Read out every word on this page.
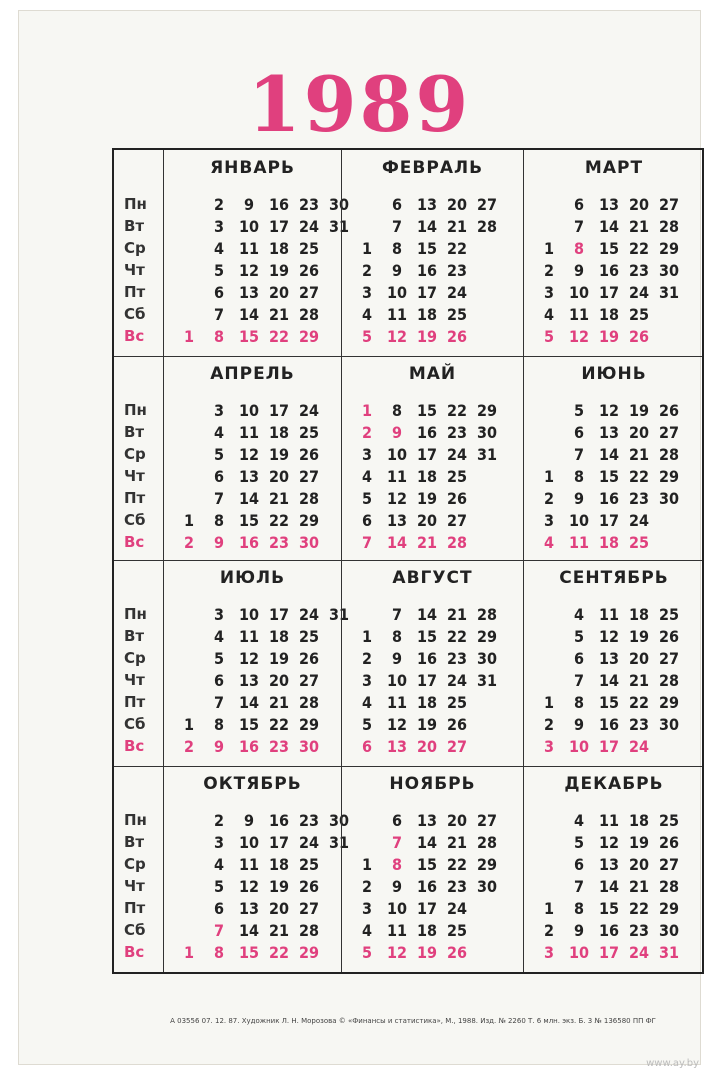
1989
Пн
Вт
Ср
Чт
Пт
Сб
Вс
ЯНВАРЬ
1
2
3
4
5
6
7
8
9
10
11
12
13
14
15
16
17
18
19
20
21
22
23
24
25
26
27
28
29
30
31
ФЕВРАЛЬ
1
2
3
4
5
6
7
8
9
10
11
12
13
14
15
16
17
18
19
20
21
22
23
24
25
26
27
28
МАРТ
1
2
3
4
5
6
7
8
9
10
11
12
13
14
15
16
17
18
19
20
21
22
23
24
25
26
27
28
29
30
31
Пн
Вт
Ср
Чт
Пт
Сб
Вс
АПРЕЛЬ
1
2
3
4
5
6
7
8
9
10
11
12
13
14
15
16
17
18
19
20
21
22
23
24
25
26
27
28
29
30
МАЙ
1
2
3
4
5
6
7
8
9
10
11
12
13
14
15
16
17
18
19
20
21
22
23
24
25
26
27
28
29
30
31
ИЮНЬ
1
2
3
4
5
6
7
8
9
10
11
12
13
14
15
16
17
18
19
20
21
22
23
24
25
26
27
28
29
30
Пн
Вт
Ср
Чт
Пт
Сб
Вс
ИЮЛЬ
1
2
3
4
5
6
7
8
9
10
11
12
13
14
15
16
17
18
19
20
21
22
23
24
25
26
27
28
29
30
31
АВГУСТ
1
2
3
4
5
6
7
8
9
10
11
12
13
14
15
16
17
18
19
20
21
22
23
24
25
26
27
28
29
30
31
СЕНТЯБРЬ
1
2
3
4
5
6
7
8
9
10
11
12
13
14
15
16
17
18
19
20
21
22
23
24
25
26
27
28
29
30
Пн
Вт
Ср
Чт
Пт
Сб
Вс
ОКТЯБРЬ
1
2
3
4
5
6
7
8
9
10
11
12
13
14
15
16
17
18
19
20
21
22
23
24
25
26
27
28
29
30
31
НОЯБРЬ
1
2
3
4
5
6
7
8
9
10
11
12
13
14
15
16
17
18
19
20
21
22
23
24
25
26
27
28
29
30
ДЕКАБРЬ
1
2
3
4
5
6
7
8
9
10
11
12
13
14
15
16
17
18
19
20
21
22
23
24
25
26
27
28
29
30
31
А 03556 07. 12. 87. Художник Л. Н. Морозова © «Финансы и статистика», М., 1988. Изд. № 2260 Т. 6 млн. экз. Б. 3 № 136580 ПП ФГ
www.ay.by
